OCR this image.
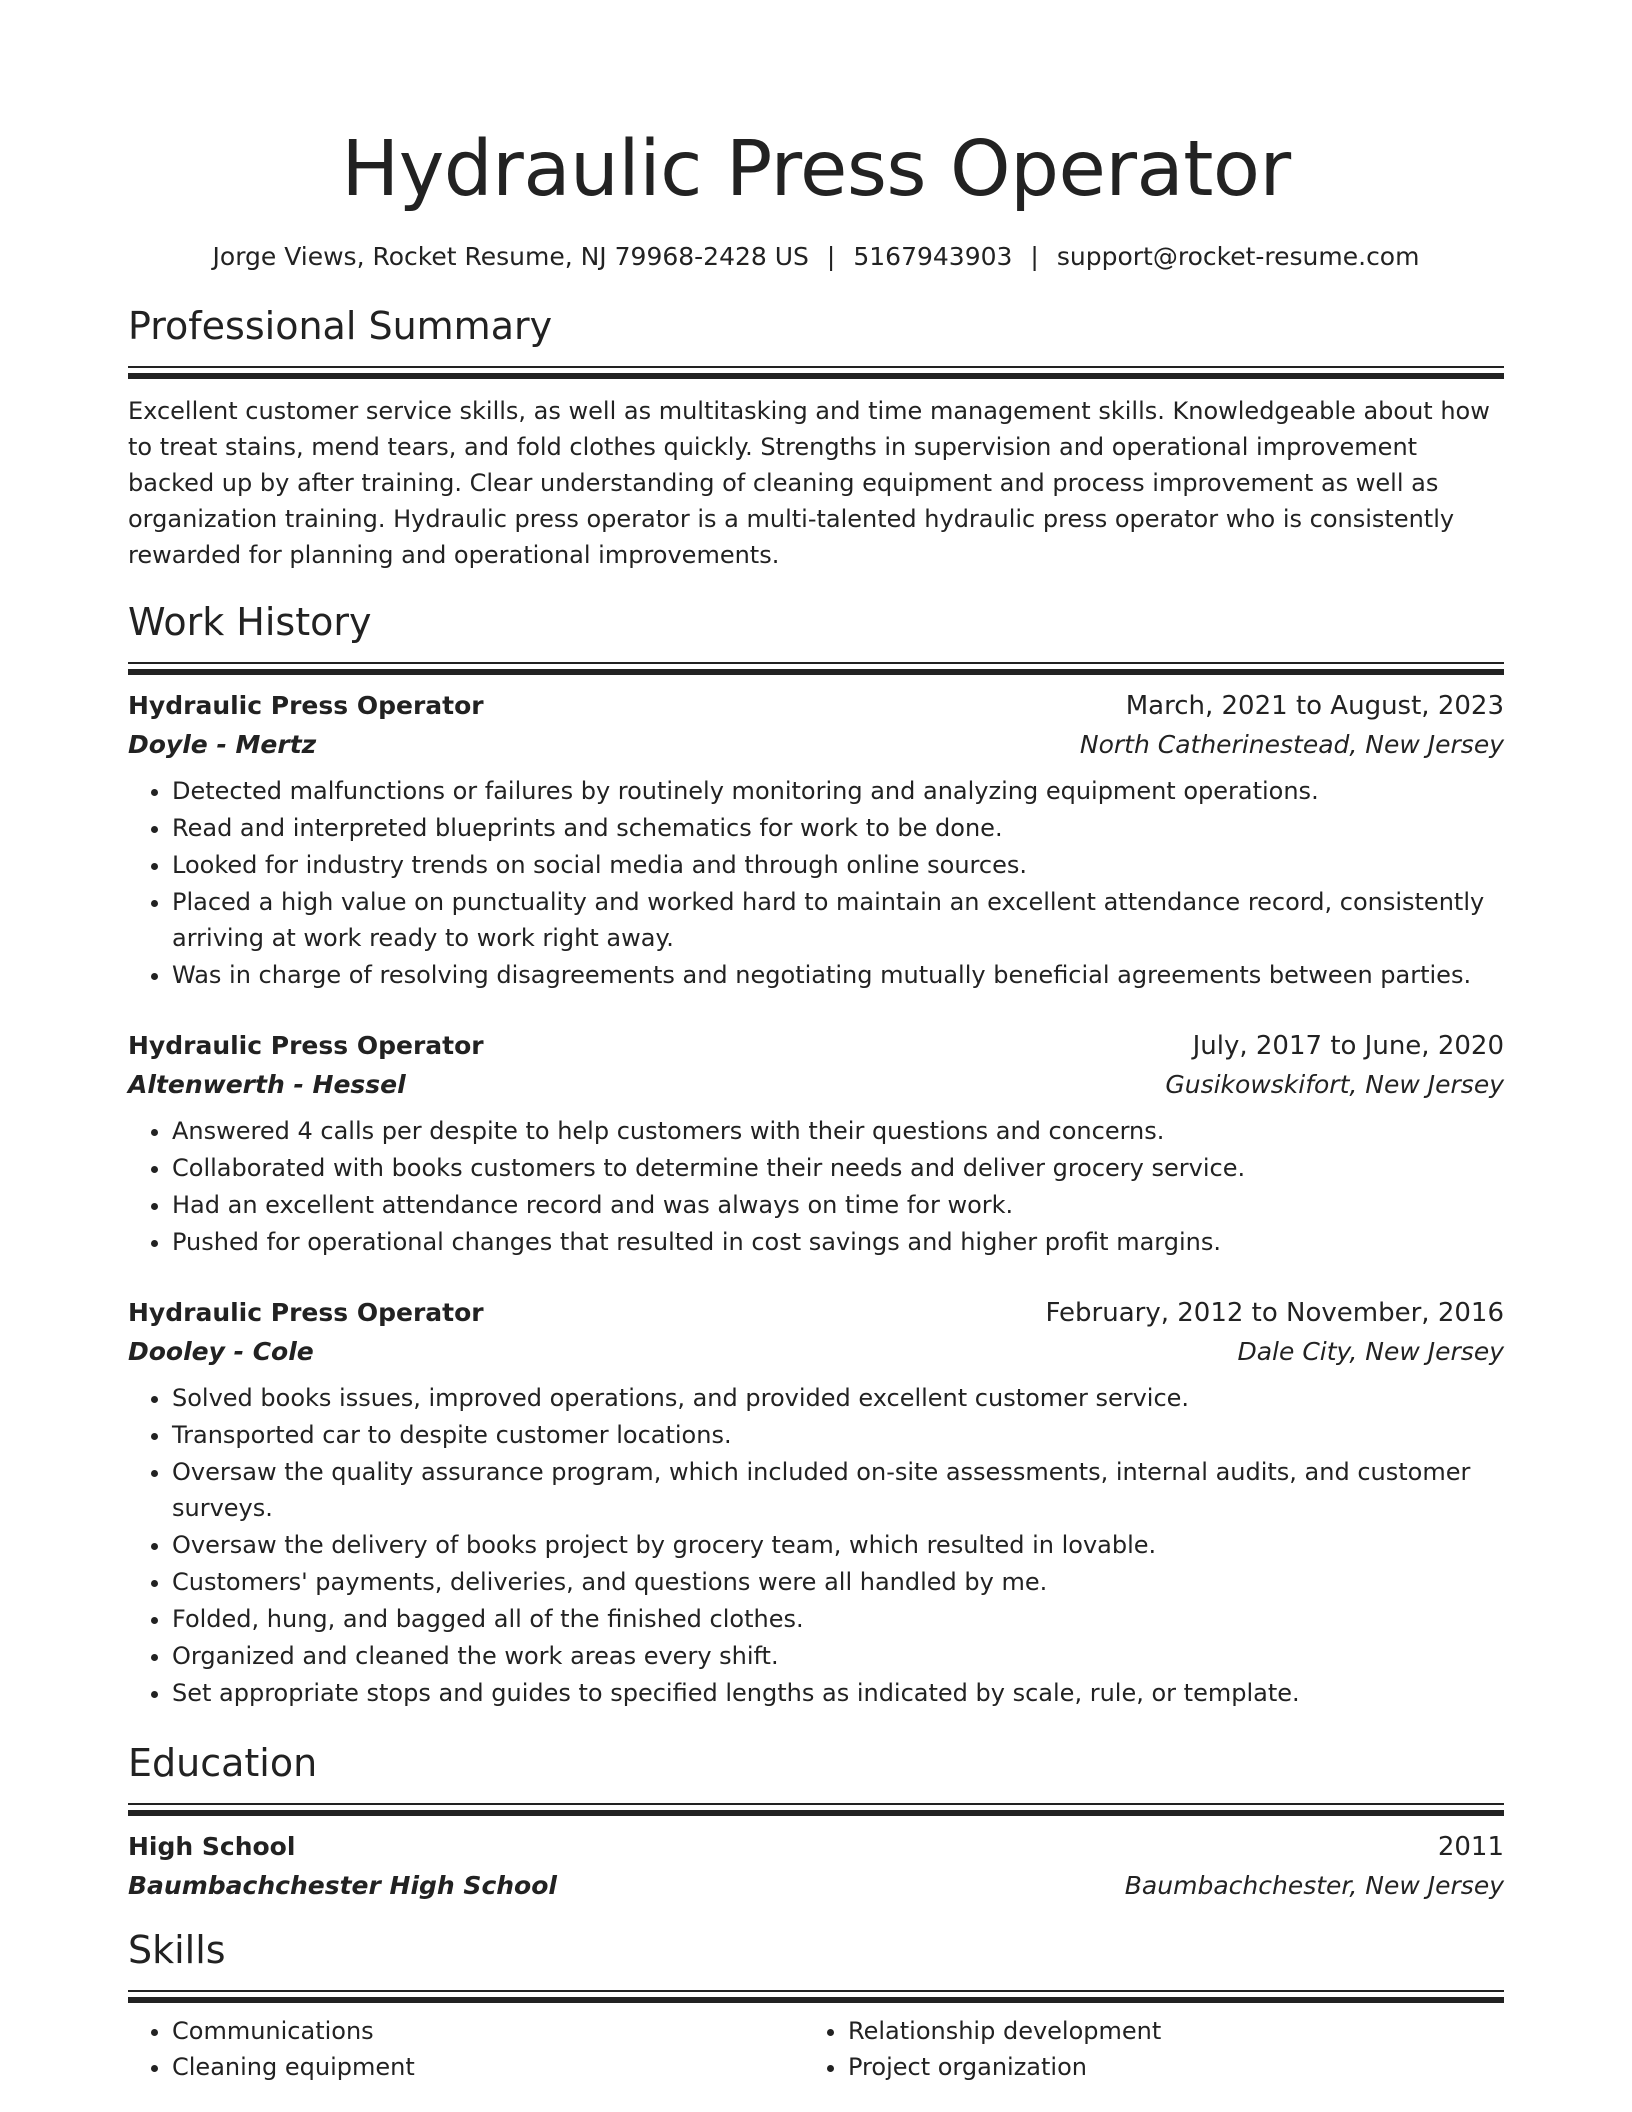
Hydraulic Press Operator
Jorge Views, Rocket Resume, NJ 79968-2428 US | 5167943903 | support@rocket-resume.com
Professional Summary
Excellent customer service skills, as well as multitasking and time management skills. Knowledgeable about how to treat stains, mend tears, and fold clothes quickly. Strengths in supervision and operational improvement backed up by after training. Clear understanding of cleaning equipment and process improvement as well as organization training. Hydraulic press operator is a multi-talented hydraulic press operator who is consistently rewarded for planning and operational improvements.
Work History
Hydraulic Press Operator	March, 2021 to August, 2023
Doyle - Mertz	North Catherinestead, New Jersey
• Detected malfunctions or failures by routinely monitoring and analyzing equipment operations.
• Read and interpreted blueprints and schematics for work to be done.
• Looked for industry trends on social media and through online sources.
• Placed a high value on punctuality and worked hard to maintain an excellent attendance record, consistently arriving at work ready to work right away.
• Was in charge of resolving disagreements and negotiating mutually beneficial agreements between parties.
Hydraulic Press Operator	July, 2017 to June, 2020
Altenwerth - Hessel	Gusikowskifort, New Jersey
• Answered 4 calls per despite to help customers with their questions and concerns.
• Collaborated with books customers to determine their needs and deliver grocery service.
• Had an excellent attendance record and was always on time for work.
• Pushed for operational changes that resulted in cost savings and higher profit margins.
Hydraulic Press Operator	February, 2012 to November, 2016
Dooley - Cole	Dale City, New Jersey
• Solved books issues, improved operations, and provided excellent customer service.
• Transported car to despite customer locations.
• Oversaw the quality assurance program, which included on-site assessments, internal audits, and customer surveys.
• Oversaw the delivery of books project by grocery team, which resulted in lovable.
• Customers' payments, deliveries, and questions were all handled by me.
• Folded, hung, and bagged all of the finished clothes.
• Organized and cleaned the work areas every shift.
• Set appropriate stops and guides to specified lengths as indicated by scale, rule, or template.
Education
High School	2011
Baumbachchester High School	Baumbachchester, New Jersey
Skills
• Communications
• Cleaning equipment
• Relationship development
• Project organization
